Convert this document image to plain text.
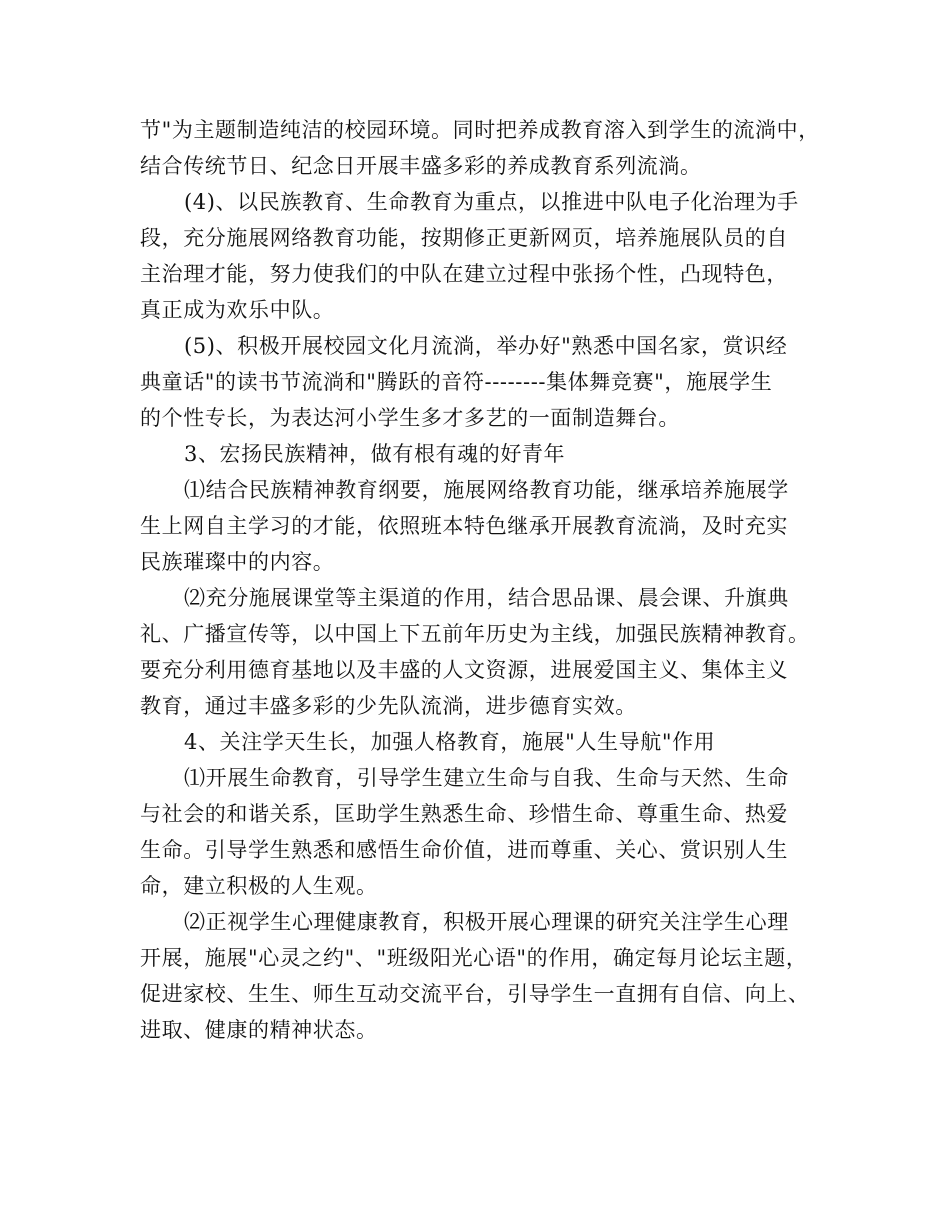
节"为主题制造纯洁的校园环境。同时把养成教育溶入到学生的流淌中，
结合传统节日、纪念日开展丰盛多彩的养成教育系列流淌。
(4)、以民族教育、生命教育为重点，以推进中队电子化治理为手
段，充分施展网络教育功能，按期修正更新网页，培养施展队员的自
主治理才能，努力使我们的中队在建立过程中张扬个性，凸现特色，
真正成为欢乐中队。
(5)、积极开展校园文化月流淌，举办好"熟悉中国名家，赏识经
典童话"的读书节流淌和"腾跃的音符--------集体舞竞赛"，施展学生
的个性专长，为表达河小学生多才多艺的一面制造舞台。
3、宏扬民族精神，做有根有魂的好青年
⑴结合民族精神教育纲要，施展网络教育功能，继承培养施展学
生上网自主学习的才能，依照班本特色继承开展教育流淌，及时充实
民族璀璨中的内容。
⑵充分施展课堂等主渠道的作用，结合思品课、晨会课、升旗典
礼、广播宣传等，以中国上下五前年历史为主线，加强民族精神教育。
要充分利用德育基地以及丰盛的人文资源，进展爱国主义、集体主义
教育，通过丰盛多彩的少先队流淌，进步德育实效。
4、关注学天生长，加强人格教育，施展"人生导航"作用
⑴开展生命教育，引导学生建立生命与自我、生命与天然、生命
与社会的和谐关系，匡助学生熟悉生命、珍惜生命、尊重生命、热爱
生命。引导学生熟悉和感悟生命价值，进而尊重、关心、赏识别人生
命，建立积极的人生观。
⑵正视学生心理健康教育，积极开展心理课的研究关注学生心理
开展，施展"心灵之约"、"班级阳光心语"的作用，确定每月论坛主题，
促进家校、生生、师生互动交流平台，引导学生一直拥有自信、向上、
进取、健康的精神状态。
